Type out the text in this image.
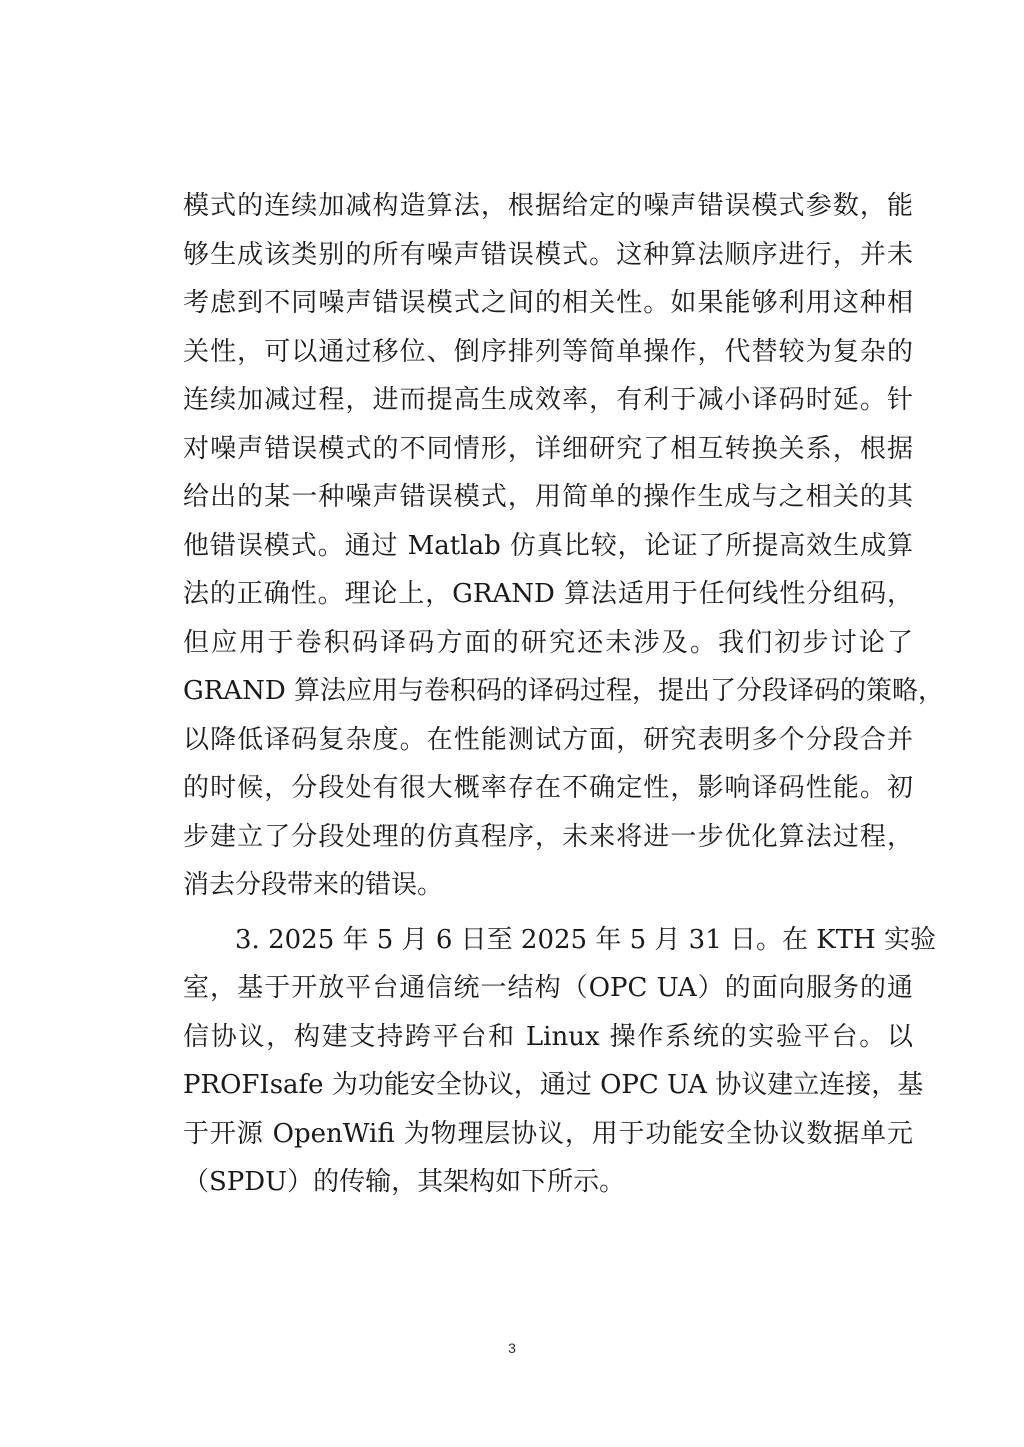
模式的连续加减构造算法，根据给定的噪声错误模式参数，能
够生成该类别的所有噪声错误模式。这种算法顺序进行，并未
考虑到不同噪声错误模式之间的相关性。如果能够利用这种相
关性，可以通过移位、倒序排列等简单操作，代替较为复杂的
连续加减过程，进而提高生成效率，有利于减小译码时延。针
对噪声错误模式的不同情形，详细研究了相互转换关系，根据
给出的某一种噪声错误模式，用简单的操作生成与之相关的其
他错误模式。通过 Matlab 仿真比较，论证了所提高效生成算
法的正确性。理论上，GRAND 算法适用于任何线性分组码，
但应用于卷积码译码方面的研究还未涉及。我们初步讨论了
GRAND 算法应用与卷积码的译码过程，提出了分段译码的策略，
以降低译码复杂度。在性能测试方面，研究表明多个分段合并
的时候，分段处有很大概率存在不确定性，影响译码性能。初
步建立了分段处理的仿真程序，未来将进一步优化算法过程，
消去分段带来的错误。
3. 2025 年 5 月 6 日至 2025 年 5 月 31 日。在 KTH 实验
室，基于开放平台通信统一结构（OPC UA）的面向服务的通
信协议，构建支持跨平台和 Linux 操作系统的实验平台。以
PROFIsafe 为功能安全协议，通过 OPC UA 协议建立连接，基
于开源 OpenWifi 为物理层协议，用于功能安全协议数据单元
（SPDU）的传输，其架构如下所示。
3
